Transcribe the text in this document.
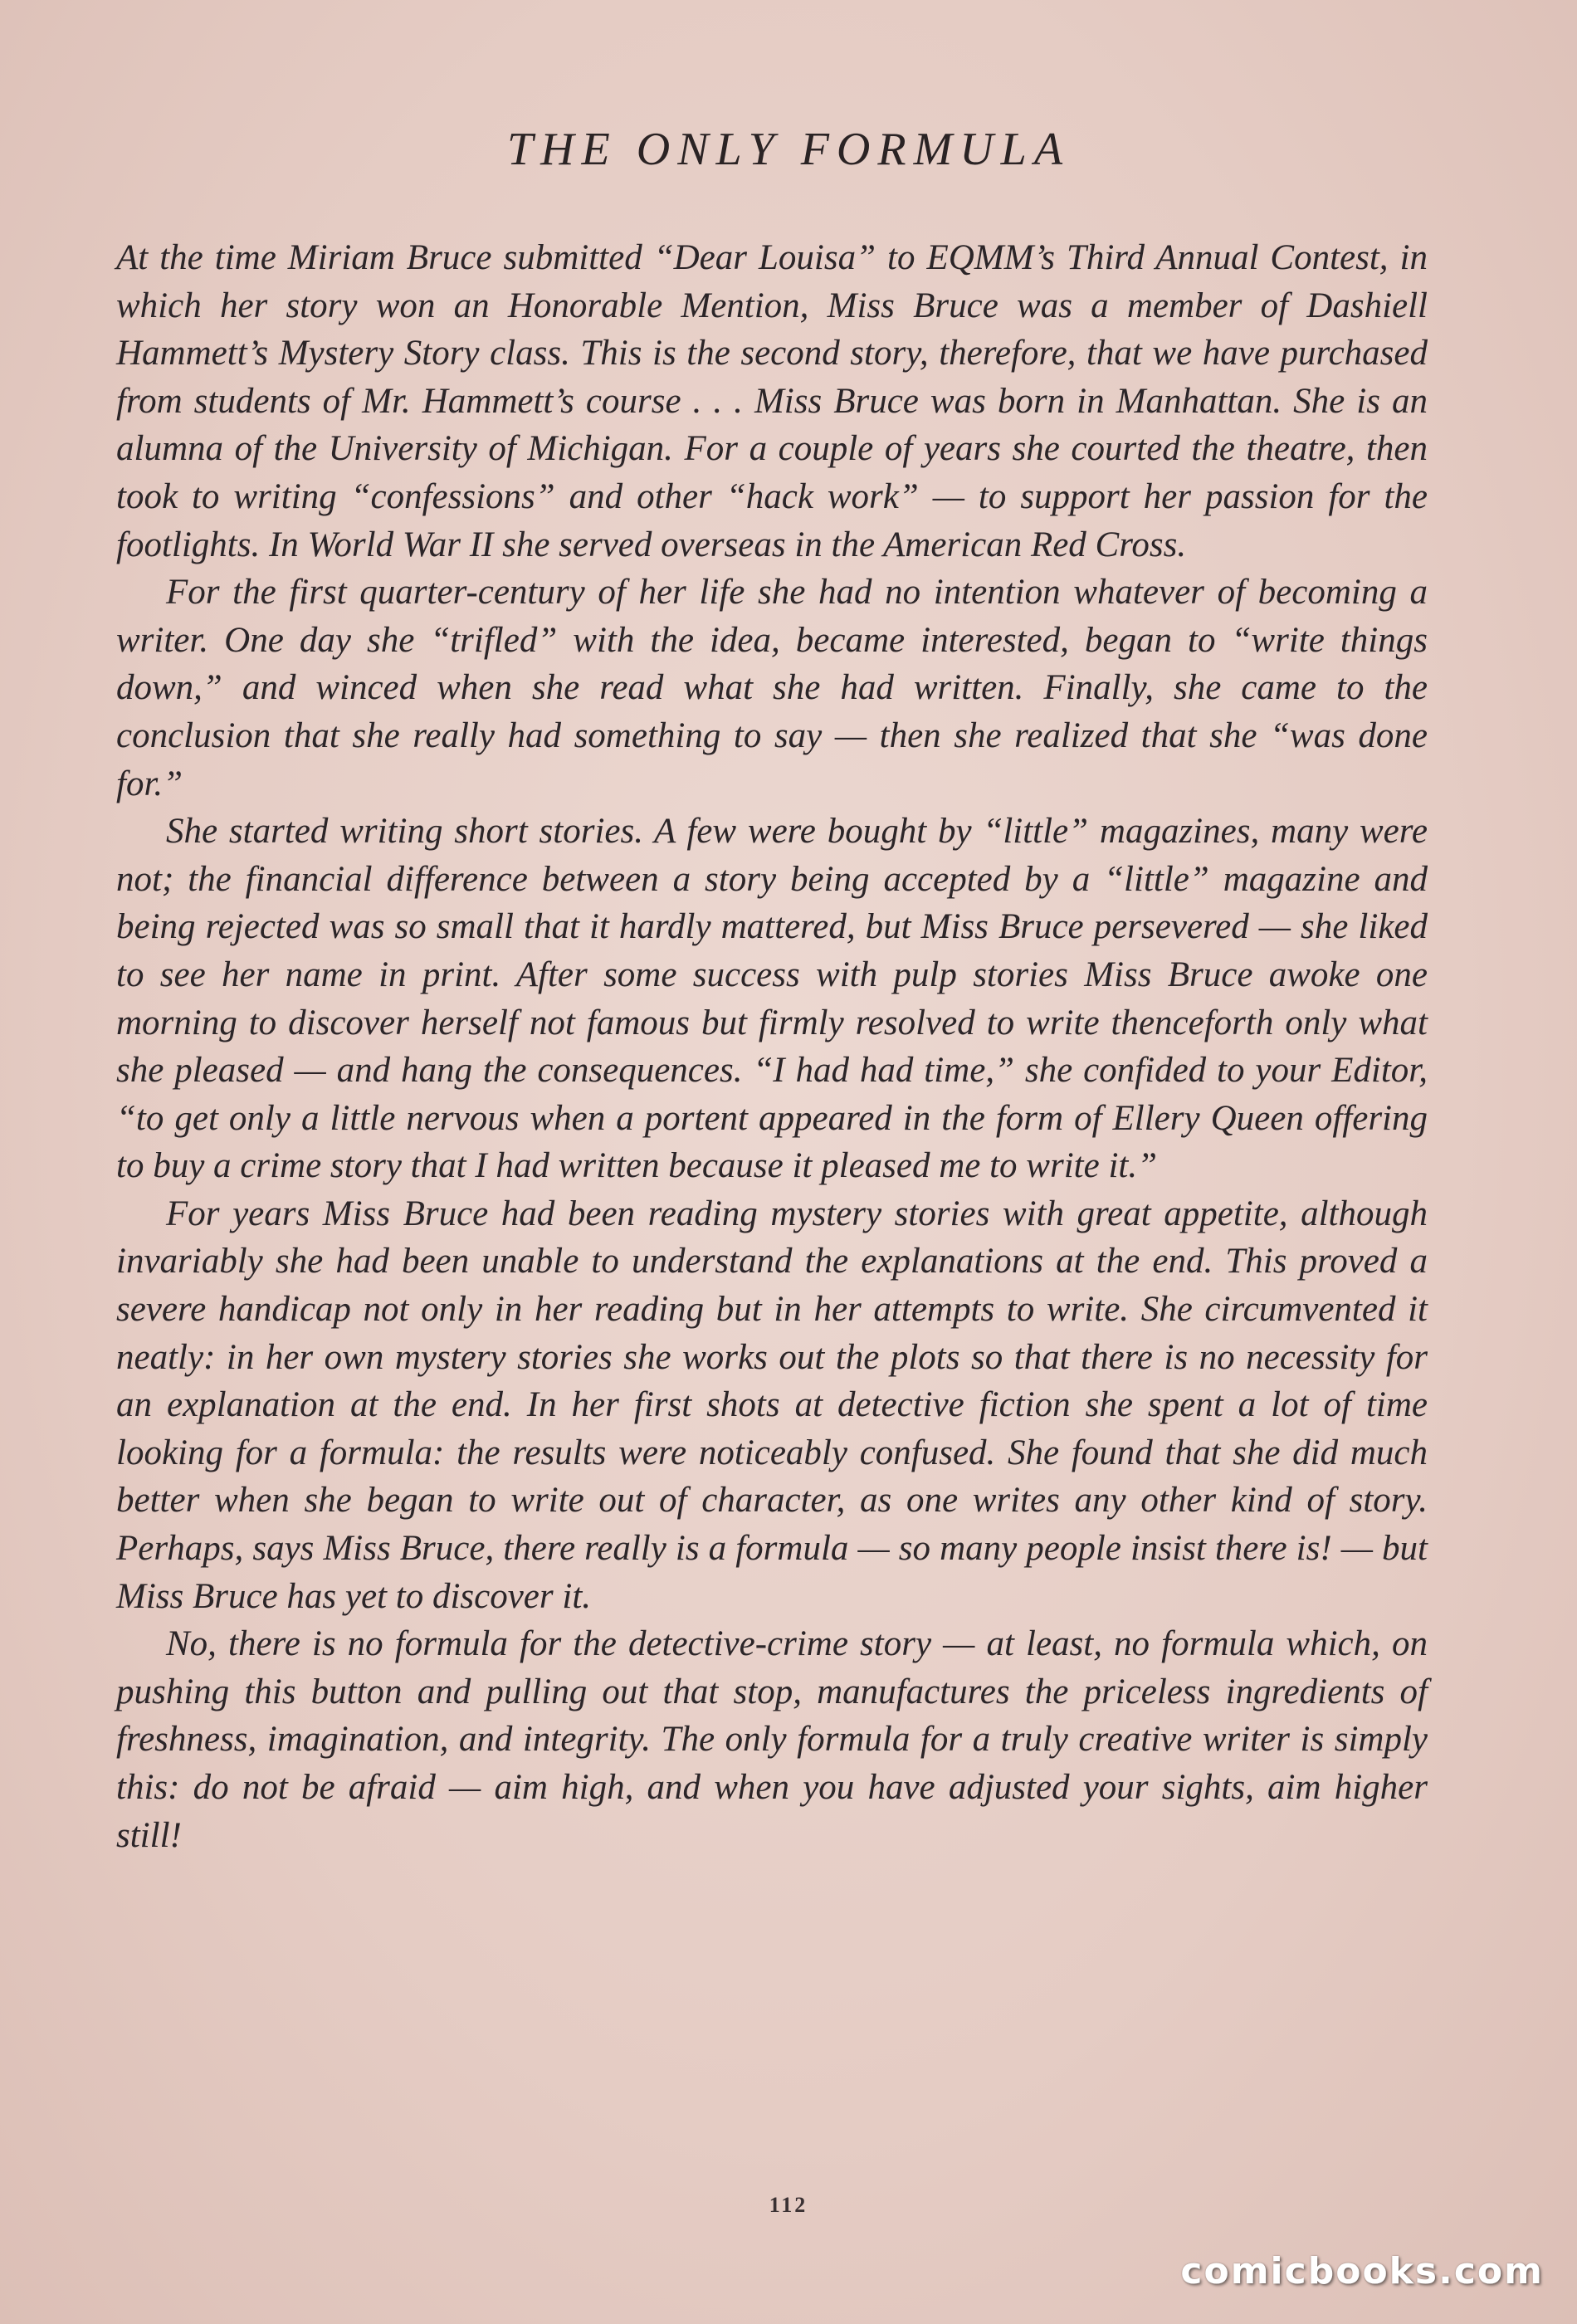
THE ONLY FORMULA

At the time Miriam Bruce submitted “Dear Louisa” to EQMM’s Third Annual Contest, in which her story won an Honorable Mention, Miss Bruce was a member of Dashiell Hammett’s Mystery Story class. This is the second story, therefore, that we have purchased from students of Mr. Hammett’s course . . . Miss Bruce was born in Manhattan. She is an alumna of the University of Michigan. For a couple of years she courted the theatre, then took to writing “confessions” and other “hack work” — to support her passion for the footlights. In World War II she served overseas in the American Red Cross.

For the first quarter-century of her life she had no intention whatever of becoming a writer. One day she “trifled” with the idea, became interested, began to “write things down,” and winced when she read what she had written. Finally, she came to the conclusion that she really had something to say — then she realized that she “was done for.”

She started writing short stories. A few were bought by “little” magazines, many were not; the financial difference between a story being accepted by a “little” magazine and being rejected was so small that it hardly mattered, but Miss Bruce persevered — she liked to see her name in print. After some success with pulp stories Miss Bruce awoke one morning to discover herself not famous but firmly resolved to write thenceforth only what she pleased — and hang the consequences. “I had had time,” she confided to your Editor, “to get only a little nervous when a portent appeared in the form of Ellery Queen offering to buy a crime story that I had written because it pleased me to write it.”

For years Miss Bruce had been reading mystery stories with great appetite, although invariably she had been unable to understand the explanations at the end. This proved a severe handicap not only in her reading but in her attempts to write. She circumvented it neatly: in her own mystery stories she works out the plots so that there is no necessity for an explanation at the end. In her first shots at detective fiction she spent a lot of time looking for a formula: the results were noticeably confused. She found that she did much better when she began to write out of character, as one writes any other kind of story. Perhaps, says Miss Bruce, there really is a formula — so many people insist there is! — but Miss Bruce has yet to discover it.

No, there is no formula for the detective-crime story — at least, no formula which, on pushing this button and pulling out that stop, manufactures the priceless ingredients of freshness, imagination, and integrity. The only formula for a truly creative writer is simply this: do not be afraid — aim high, and when you have adjusted your sights, aim higher still!

112
comicbooks.com
